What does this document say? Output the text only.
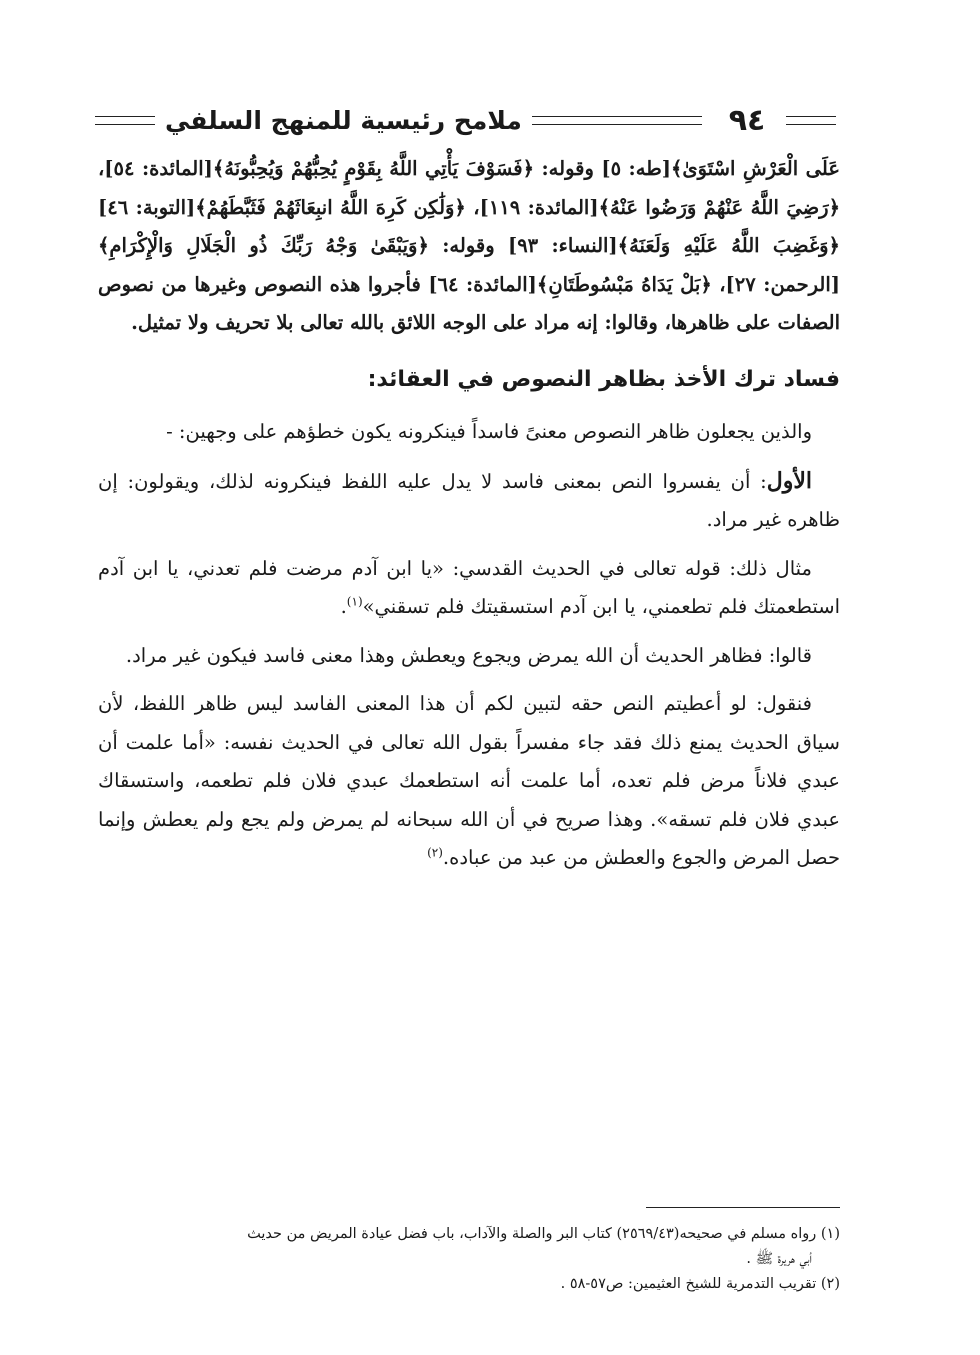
٩٤
ملامح رئيسية للمنهج السلفي

عَلَى الْعَرْشِ اسْتَوَىٰ﴾[طه: ٥] وقوله: ﴿فَسَوْفَ يَأْتِي اللَّهُ بِقَوْمٍ يُحِبُّهُمْ وَيُحِبُّونَهُ﴾[المائدة: ٥٤]، ﴿رَضِيَ اللَّهُ عَنْهُمْ وَرَضُوا عَنْهُ﴾[المائدة: ١١٩]، ﴿وَلَٰكِن كَرِهَ اللَّهُ انبِعَاثَهُمْ فَثَبَّطَهُمْ﴾[التوبة: ٤٦] ﴿وَغَضِبَ اللَّهُ عَلَيْهِ وَلَعَنَهُ﴾[النساء: ٩٣] وقوله: ﴿وَيَبْقَىٰ وَجْهُ رَبِّكَ ذُو الْجَلَالِ وَالْإِكْرَامِ﴾[الرحمن: ٢٧]، ﴿بَلْ يَدَاهُ مَبْسُوطَتَانِ﴾[المائدة: ٦٤] فأجروا هذه النصوص وغيرها من نصوص الصفات على ظاهرها، وقالوا: إنه مراد على الوجه اللائق بالله تعالى بلا تحريف ولا تمثيل.

فساد ترك الأخذ بظاهر النصوص في العقائد:

والذين يجعلون ظاهر النصوص معنىً فاسداً فينكرونه يكون خطؤهم على وجهين: -

الأول: أن يفسروا النص بمعنى فاسد لا يدل عليه اللفظ فينكرونه لذلك، ويقولون: إن ظاهره غير مراد.

مثال ذلك: قوله تعالى في الحديث القدسي: «يا ابن آدم مرضت فلم تعدني، يا ابن آدم استطعمتك فلم تطعمني، يا ابن آدم استسقيتك فلم تسقني»$^{(١)}$.

قالوا: فظاهر الحديث أن الله يمرض ويجوع ويعطش وهذا معنى فاسد فيكون غير مراد.

فنقول: لو أعطيتم النص حقه لتبين لكم أن هذا المعنى الفاسد ليس ظاهر اللفظ، لأن سياق الحديث يمنع ذلك فقد جاء مفسراً بقول الله تعالى في الحديث نفسه: «أما علمت أن عبدي فلاناً مرض فلم تعده، أما علمت أنه استطعمك عبدي فلان فلم تطعمه، واستسقاك عبدي فلان فلم تسقه». وهذا صريح في أن الله سبحانه لم يمرض ولم يجع ولم يعطش وإنما حصل المرض والجوع والعطش من عبد من عباده.$^{(٢)}$

(١) رواه مسلم في صحيحه(٢٥٦٩/٤٣) كتاب البر والصلة والآداب، باب فضل عيادة المريض من حديث

أبي هريرة ﷺ .

(٢) تقريب التدمرية للشيخ العثيمين: ص٥٧-٥٨ .
